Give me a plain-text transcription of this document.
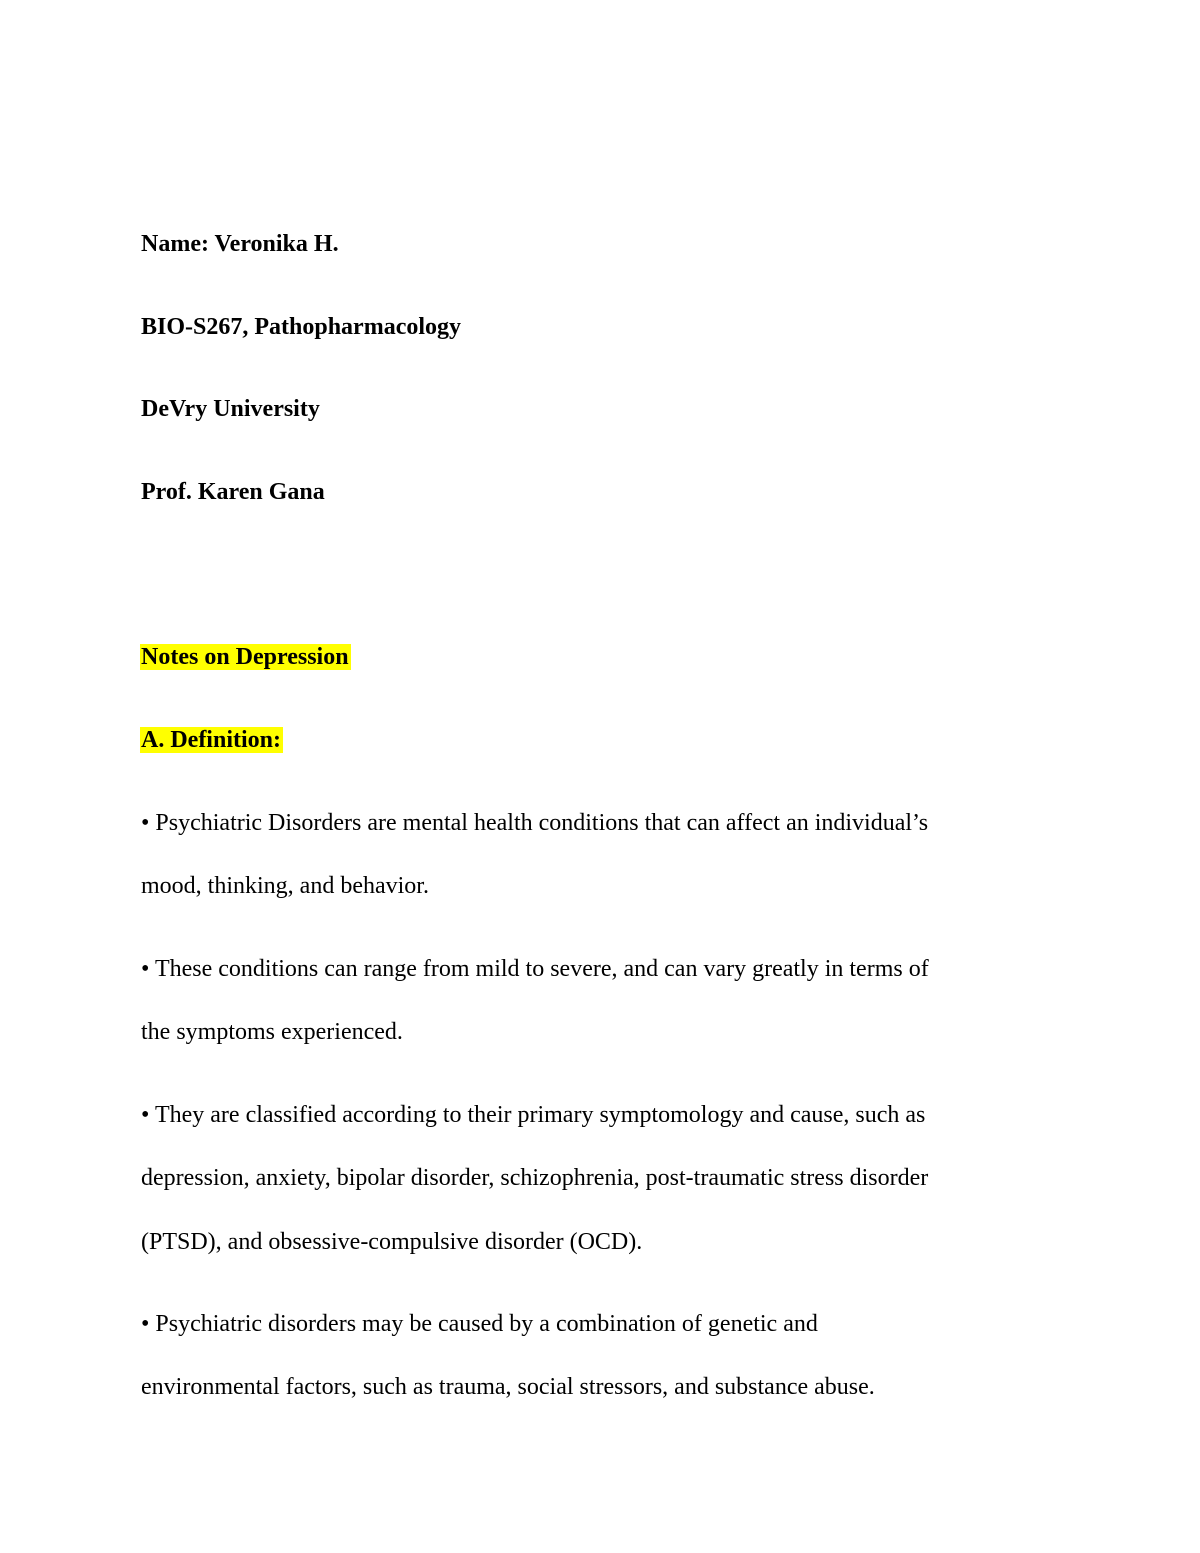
Name: Veronika H.
BIO-S267, Pathopharmacology
DeVry University
Prof. Karen Gana
Notes on Depression
A. Definition:
• Psychiatric Disorders are mental health conditions that can affect an individual’s
mood, thinking, and behavior.
• These conditions can range from mild to severe, and can vary greatly in terms of
the symptoms experienced.
• They are classified according to their primary symptomology and cause, such as
depression, anxiety, bipolar disorder, schizophrenia, post-traumatic stress disorder
(PTSD), and obsessive-compulsive disorder (OCD).
• Psychiatric disorders may be caused by a combination of genetic and
environmental factors, such as trauma, social stressors, and substance abuse.
